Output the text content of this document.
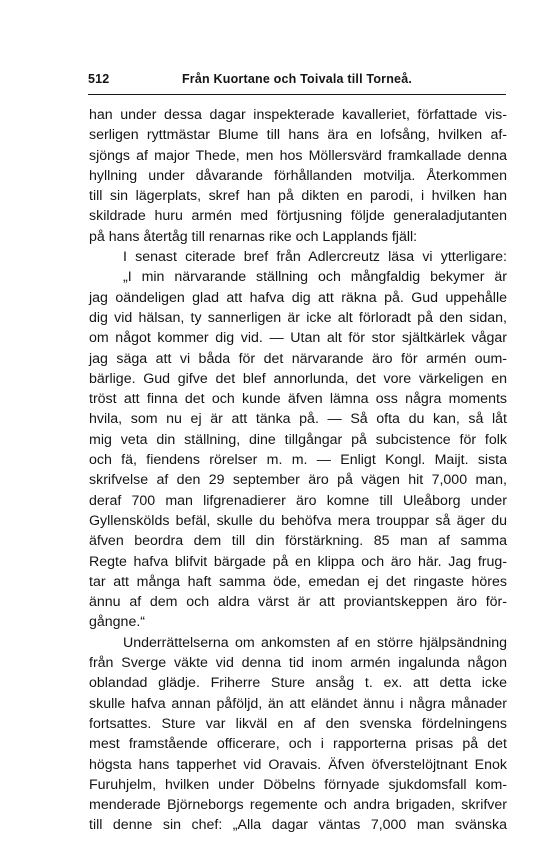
512	Från Kuortane och Toivala till Torneå.
han under dessa dagar inspekterade kavalleriet, författade vis-
serligen ryttmästar Blume till hans ära en lofsång, hvilken af-
sjöngs af major Thede, men hos Möllersvärd framkallade denna
hyllning under dåvarande förhållanden motvilja. Återkommen
till sin lägerplats, skref han på dikten en parodi, i hvilken han
skildrade huru armén med förtjusning följde generaladjutanten
på hans återtåg till renarnas rike och Lapplands fjäll:
I senast citerade bref från Adlercreutz läsa vi ytterligare:
„I min närvarande ställning och mångfaldig bekymer är
jag oändeligen glad att hafva dig att räkna på. Gud uppehålle
dig vid hälsan, ty sannerligen är icke alt förloradt på den sidan,
om något kommer dig vid. — Utan alt för stor själtkärlek vågar
jag säga att vi båda för det närvarande äro för armén oum-
bärlige. Gud gifve det blef annorlunda, det vore värkeligen en
tröst att finna det och kunde äfven lämna oss några moments
hvila, som nu ej är att tänka på. — Så ofta du kan, så låt
mig veta din ställning, dine tillgångar på subcistence för folk
och fä, fiendens rörelser m. m. — Enligt Kongl. Maijt. sista
skrifvelse af den 29 september äro på vägen hit 7,000 man,
deraf 700 man lifgrenadierer äro komne till Uleåborg under
Gyllenskölds befäl, skulle du behöfva mera trouppar så äger du
äfven beordra dem till din förstärkning. 85 man af samma
Regte hafva blifvit bärgade på en klippa och äro här. Jag frug-
tar att många haft samma öde, emedan ej det ringaste höres
ännu af dem och aldra värst är att proviantskeppen äro för-
gångne.“
Underrättelserna om ankomsten af en större hjälpsändning
från Sverge väkte vid denna tid inom armén ingalunda någon
oblandad glädje. Friherre Sture ansåg t. ex. att detta icke
skulle hafva annan påföljd, än att eländet ännu i några månader
fortsattes. Sture var likväl en af den svenska fördelningens
mest framstående officerare, och i rapporterna prisas på det
högsta hans tapperhet vid Oravais. Äfven öfverstelöjtnant Enok
Furuhjelm, hvilken under Döbelns förnyade sjukdomsfall kom-
menderade Björneborgs regemente och andra brigaden, skrifver
till denne sin chef: „Alla dagar väntas 7,000 man svänska
